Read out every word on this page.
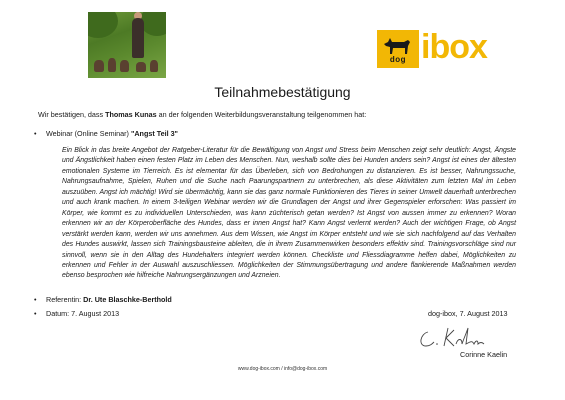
dog ibox
Teilnahmebestätigung
Wir bestätigen, dass Thomas Kunas an der folgenden Weiterbildungsveranstaltung teilgenommen hat:
• Webinar (Online Seminar) "Angst Teil 3"
Ein Blick in das breite Angebot der Ratgeber-Literatur für die Bewältigung von Angst und Stress beim Menschen zeigt sehr deutlich: Angst, Ängste und Ängstlichkeit haben einen festen Platz im Leben des Menschen. Nun, weshalb sollte dies bei Hunden anders sein? Angst ist eines der ältesten emotionalen Systeme im Tierreich. Es ist elementar für das Überleben, sich von Bedrohungen zu distanzieren. Es ist besser, Nahrungssuche, Nahrungsaufnahme, Spielen, Ruhen und die Suche nach Paarungspartnern zu unterbrechen, als diese Aktivitäten zum letzten Mal im Leben auszuüben. Angst ich mächtig! Wird sie übermächtig, kann sie das ganz normale Funktionieren des Tieres in seiner Umwelt dauerhaft unterbrechen und auch krank machen. In einem 3-teiligen Webinar werden wir die Grundlagen der Angst und ihrer Gegenspieler erforschen: Was passiert im Körper, wie kommt es zu individuellen Unterschieden, was kann züchterisch getan werden? Ist Angst von aussen immer zu erkennen? Woran erkennen wir an der Körperoberfläche des Hundes, dass er innen Angst hat? Kann Angst verlernt werden? Auch der wichtigen Frage, ob Angst verstärkt werden kann, werden wir uns annehmen. Aus dem Wissen, wie Angst im Körper entsteht und wie sie sich nachfolgend auf das Verhalten des Hundes auswirkt, lassen sich Trainingsbausteine ableiten, die in ihrem Zusammenwirken besonders effektiv sind. Trainingsvorschläge sind nur sinnvoll, wenn sie in den Alltag des Hundehalters integriert werden können. Checkliste und Fliessdiagramme helfen dabei, Möglichkeiten zu erkennen und Fehler in der Auswahl auszuschliessen. Möglichkeiten der Stimmungsübertragung und andere flankierende Maßnahmen werden ebenso besprochen wie hilfreiche Nahrungsergänzungen und Arzneien.
• Referentin: Dr. Ute Blaschke-Berthold
• Datum: 7. August 2013	dog-ibox, 7. August 2013
Corinne Kaelin
www.dog-ibox.com / info@dog-ibox.com
